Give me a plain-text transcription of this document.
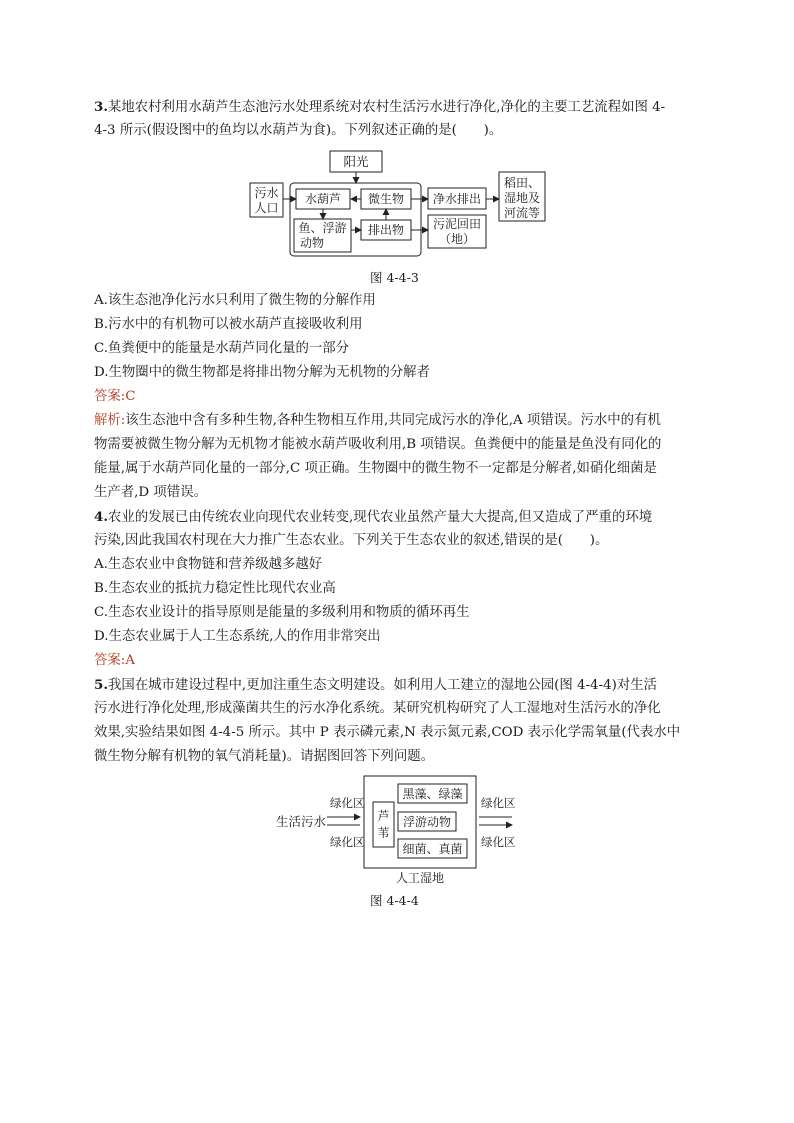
3.某地农村利用水葫芦生态池污水处理系统对农村生活污水进行净化,净化的主要工艺流程如图 4-
4-3 所示(假设图中的鱼均以水葫芦为食)。下列叙述正确的是(　　)。
阳光
污水
人口
水葫芦 微生物
鱼、浮游
动物
排出物
净水排出
污泥回田
（地）
稻田、
湿地及
河流等
生活污水
绿化区
绿化区
绿化区
绿化区
芦
苇
黑藻、绿藻
浮游动物
细菌、真菌
人工湿地
图 4-4-3
A.该生态池净化污水只利用了微生物的分解作用
B.污水中的有机物可以被水葫芦直接吸收利用
C.鱼粪便中的能量是水葫芦同化量的一部分
D.生物圈中的微生物都是将排出物分解为无机物的分解者
答案:C
解析:该生态池中含有多种生物,各种生物相互作用,共同完成污水的净化,A 项错误。污水中的有机
物需要被微生物分解为无机物才能被水葫芦吸收利用,B 项错误。鱼粪便中的能量是鱼没有同化的
能量,属于水葫芦同化量的一部分,C 项正确。生物圈中的微生物不一定都是分解者,如硝化细菌是
生产者,D 项错误。
4.农业的发展已由传统农业向现代农业转变,现代农业虽然产量大大提高,但又造成了严重的环境
污染,因此我国农村现在大力推广生态农业。下列关于生态农业的叙述,错误的是(　　)。
A.生态农业中食物链和营养级越多越好
B.生态农业的抵抗力稳定性比现代农业高
C.生态农业设计的指导原则是能量的多级利用和物质的循环再生
D.生态农业属于人工生态系统,人的作用非常突出
答案:A
5.我国在城市建设过程中,更加注重生态文明建设。如利用人工建立的湿地公园(图 4-4-4)对生活
污水进行净化处理,形成藻菌共生的污水净化系统。某研究机构研究了人工湿地对生活污水的净化
效果,实验结果如图 4-4-5 所示。其中 P 表示磷元素,N 表示氮元素,COD 表示化学需氧量(代表水中
微生物分解有机物的氧气消耗量)。请据图回答下列问题。
图 4-4-4
